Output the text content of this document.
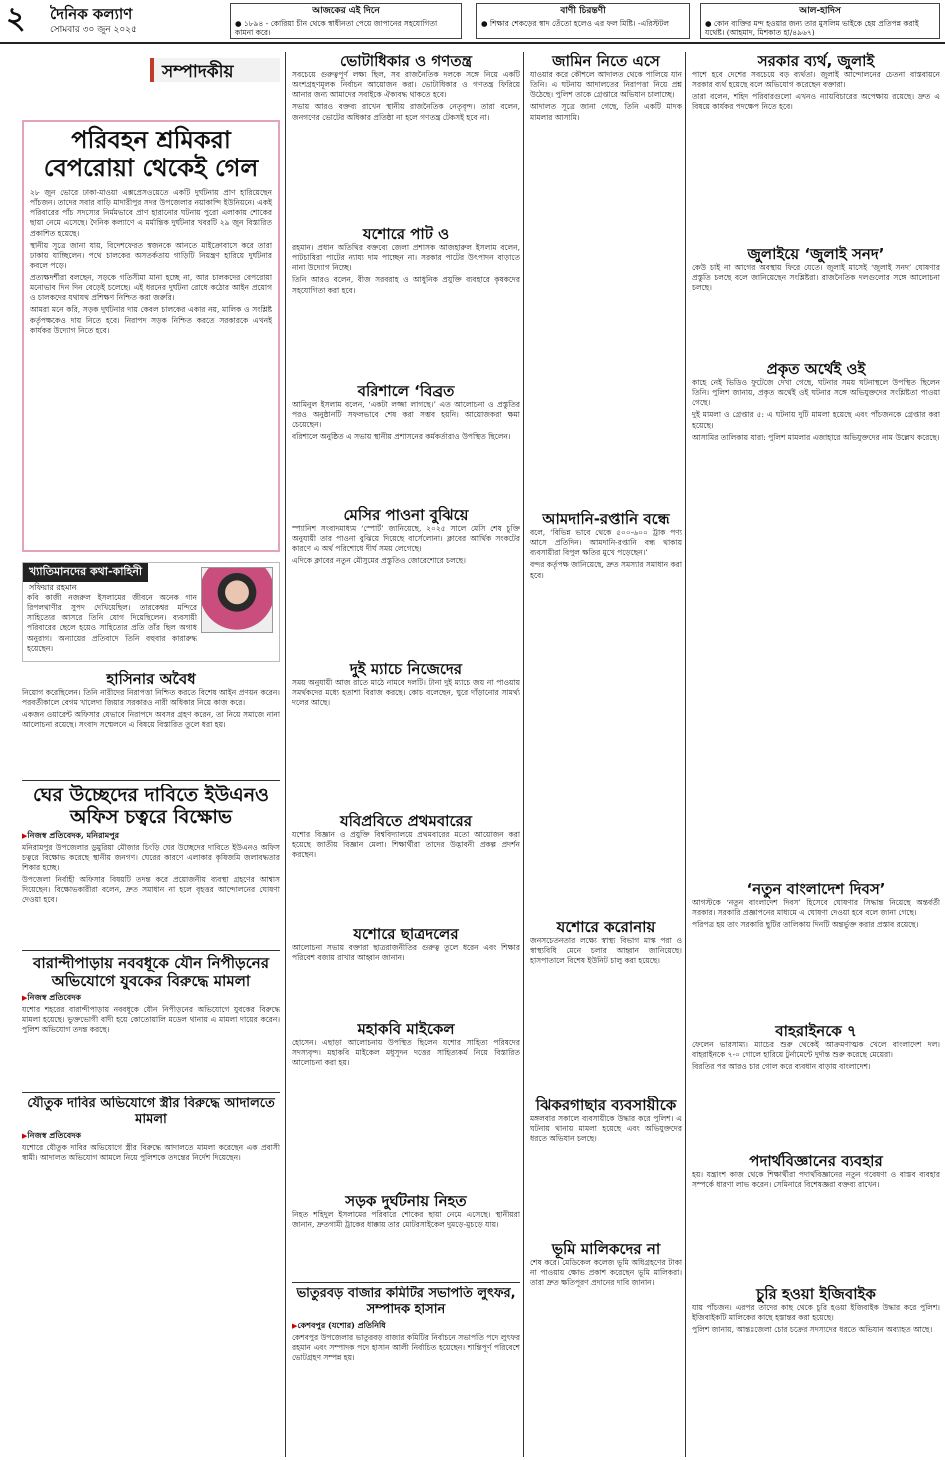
২	দৈনিক কল্যাণ
সোমবার ৩০ জুন ২০২৫
আজকের এই দিনে
● ১৮৯৪ - কোরিয়া চীন থেকে স্বাধীনতা পেয়ে জাপানের সহযোগিতা কামনা করে।
বাণী চিরন্তণী
● শিক্ষার শেকড়ের স্বাদ তেঁতো হলেও এর ফল মিষ্টি। -এরিস্টটল
আল-হাদিস
● কোন ব্যক্তির মন্দ হওয়ার জন্য তার মুসলিম ভাইকে হেয় প্রতিপন্ন করাই যথেষ্ট। (আহমাদ, মিশকাত হা/৪৯৬৭)
সম্পাদকীয়
পরিবহন শ্রমিকরা বেপরোয়া থেকেই গেল

২৮ জুন ভোরে ঢাকা-মাওয়া এক্সপ্রেসওয়েতে একটি দুর্ঘটনায় প্রাণ হারিয়েছেন পাঁচজন। তাদের সবার বাড়ি মাদারীপুর সদর উপজেলার নয়াকান্দি ইউনিয়নে। একই পরিবারের পাঁচ সদস্যের নির্মমভাবে প্রাণ হারানোর ঘটনায় পুরো এলাকায় শোকের ছায়া নেমে এসেছে। দৈনিক কল্যাণে এ মর্মান্তিক দুর্ঘটনার খবরটি ২৯ জুন বিস্তারিত প্রকাশিত হয়েছে।

স্থানীয় সূত্রে জানা যায়, বিদেশফেরত স্বজনকে আনতে মাইক্রোবাসে করে তারা ঢাকায় যাচ্ছিলেন। পথে চালকের অসতর্কতায় গাড়িটি নিয়ন্ত্রণ হারিয়ে দুর্ঘটনার কবলে পড়ে।

প্রত্যক্ষদর্শীরা বলছেন, সড়কে গতিসীমা মানা হচ্ছে না, আর চালকদের বেপরোয়া মনোভাব দিন দিন বেড়েই চলেছে। এই ধরনের দুর্ঘটনা রোধে কঠোর আইন প্রয়োগ ও চালকদের যথাযথ প্রশিক্ষণ নিশ্চিত করা জরুরি।

আমরা মনে করি, সড়ক দুর্ঘটনার দায় কেবল চালকের একার নয়, মালিক ও সংশ্লিষ্ট কর্তৃপক্ষকেও দায় নিতে হবে। নিরাপদ সড়ক নিশ্চিত করতে সরকারকে এখনই কার্যকর উদ্যোগ নিতে হবে।

খ্যাতিমানদের কথা-কাহিনী
সফিয়ার রহমান

কবি কাজী নজরুল ইসলামের জীবনে অনেক গান রিপলথাণীর সুপদ দেখিয়েছিল। তারকেশ্বর মন্দিরে সাহিত্যের আসরে তিনি যোগ দিয়েছিলেন। ব্যবসায়ী পরিবারের ছেলে হয়েও সাহিত্যের প্রতি তাঁর ছিল অগাধ অনুরাগ। অন্যায়ের প্রতিবাদে তিনি বহুবার কারারুদ্ধ হয়েছেন।

হাসিনার অবৈধ

নিয়োগ করেছিলেন। তিনি নারীদের নিরাপত্তা নিশ্চিত করতে বিশেষ আইন প্রণয়ন করেন। পরবর্তীকালে বেগম খালেদা জিয়ার সরকারও নারী অধিকার নিয়ে কাজ করে।

একজন ওয়ারেন্ট অফিসার যেভাবে নিরাপদে অবসর গ্রহণ করেন, তা নিয়ে সমাজে নানা আলোচনা রয়েছে। সংবাদ সম্মেলনে এ বিষয়ে বিস্তারিত তুলে ধরা হয়।

ঘের উচ্ছেদের দাবিতে ইউএনও অফিস চত্বরে বিক্ষোভ
▶ নিজস্ব প্রতিবেদক, মনিরামপুর

মনিরামপুর উপজেলার ডুমুরিয়া মৌজার চিংড়ি ঘের উচ্ছেদের দাবিতে ইউএনও অফিস চত্বরে বিক্ষোভ করেছে স্থানীয় জনগণ। ঘেরের কারণে এলাকার কৃষিজমি জলাবদ্ধতার শিকার হচ্ছে।

উপজেলা নির্বাহী অফিসার বিষয়টি তদন্ত করে প্রয়োজনীয় ব্যবস্থা গ্রহণের আশ্বাস দিয়েছেন। বিক্ষোভকারীরা বলেন, দ্রুত সমাধান না হলে বৃহত্তর আন্দোলনের ঘোষণা দেওয়া হবে।

বারান্দীপাড়ায় নববধূকে যৌন নিপীড়নের অভিযোগে যুবকের বিরুদ্ধে মামলা
▶ নিজস্ব প্রতিবেদক

যশোর শহরের বারান্দীপাড়ায় নববধূকে যৌন নিপীড়নের অভিযোগে যুবকের বিরুদ্ধে মামলা হয়েছে। ভুক্তভোগী বাদী হয়ে কোতোয়ালি মডেল থানায় এ মামলা দায়ের করেন। পুলিশ অভিযোগ তদন্ত করছে।

যৌতুক দাবির অভিযোগে স্ত্রীর বিরুদ্ধে আদালতে মামলা
▶ নিজস্ব প্রতিবেদক

যশোরে যৌতুক দাবির অভিযোগে স্ত্রীর বিরুদ্ধে আদালতে মামলা করেছেন এক প্রবাসী স্বামী। আদালত অভিযোগ আমলে নিয়ে পুলিশকে তদন্তের নির্দেশ দিয়েছেন।

ভোটাধিকার ও গণতন্ত্র

সবচেয়ে গুরুত্বপূর্ণ লক্ষ্য ছিল, সব রাজনৈতিক দলকে সঙ্গে নিয়ে একটি অংশগ্রহণমূলক নির্বাচন আয়োজন করা। ভোটাধিকার ও গণতন্ত্র ফিরিয়ে আনার জন্য আমাদের সবাইকে ঐক্যবদ্ধ থাকতে হবে।

সভায় আরও বক্তব্য রাখেন স্থানীয় রাজনৈতিক নেতৃবৃন্দ। তারা বলেন, জনগণের ভোটের অধিকার প্রতিষ্ঠা না হলে গণতন্ত্র টেকসই হবে না।

যশোরে পাট ও

রহমান। প্রধান অতিথির বক্তব্যে জেলা প্রশাসক আজহারুল ইসলাম বলেন, পাটচাষিরা পাটের ন্যায্য দাম পাচ্ছেন না। সরকার পাটের উৎপাদন বাড়াতে নানা উদ্যোগ নিচ্ছে।

তিনি আরও বলেন, বীজ সরবরাহ ও আধুনিক প্রযুক্তি ব্যবহারে কৃষকদের সহযোগিতা করা হবে।

বরিশালে ‘বিব্রত

আমিনুল ইসলাম বলেন, ‘একটা লজ্জা লাগছে।’ এত আলোচনা ও প্রস্তুতির পরও অনুষ্ঠানটি সফলভাবে শেষ করা সম্ভব হয়নি। আয়োজকরা ক্ষমা চেয়েছেন।

বরিশালে অনুষ্ঠিত এ সভায় স্থানীয় প্রশাসনের কর্মকর্তারাও উপস্থিত ছিলেন।

মেসির পাওনা বুঝিয়ে

স্প্যানিশ সংবাদমাধ্যম ‘স্পোর্ট’ জানিয়েছে, ২০২৫ সালে মেসি শেষ চুক্তি অনুযায়ী তার পাওনা বুঝিয়ে দিয়েছে বার্সেলোনা। ক্লাবের আর্থিক সংকটের কারণে এ অর্থ পরিশোধে দীর্ঘ সময় লেগেছে।

এদিকে ক্লাবের নতুন মৌসুমের প্রস্তুতিও জোরেশোরে চলছে।

দুই ম্যাচে নিজেদের

সময় অনুযায়ী আজ রাতে মাঠে নামবে দলটি। টানা দুই ম্যাচে জয় না পাওয়ায় সমর্থকদের মধ্যে হতাশা বিরাজ করছে। কোচ বলেছেন, ঘুরে দাঁড়ানোর সামর্থ্য দলের আছে।

যবিপ্রবিতে প্রথমবারের

যশোর বিজ্ঞান ও প্রযুক্তি বিশ্ববিদ্যালয়ে প্রথমবারের মতো আয়োজন করা হয়েছে জাতীয় বিজ্ঞান মেলা। শিক্ষার্থীরা তাদের উদ্ভাবনী প্রকল্প প্রদর্শন করছেন।

যশোরে ছাত্রদলের

আলোচনা সভায় বক্তারা ছাত্ররাজনীতির গুরুত্ব তুলে ধরেন এবং শিক্ষার পরিবেশ বজায় রাখার আহ্বান জানান।

মহাকবি মাইকেল

হোসেন। এছাড়া আলোচনায় উপস্থিত ছিলেন যশোর সাহিত্য পরিষদের সদস্যবৃন্দ। মহাকবি মাইকেল মধুসূদন দত্তের সাহিত্যকর্ম নিয়ে বিস্তারিত আলোচনা করা হয়।

সড়ক দুর্ঘটনায় নিহত

নিহত শহিদুল ইসলামের পরিবারে শোকের ছায়া নেমে এসেছে। স্থানীয়রা জানান, দ্রুতগামী ট্রাকের ধাক্কায় তার মোটরসাইকেল দুমড়ে-মুচড়ে যায়।

ভাতুরবড় বাজার কমিটির সভাপতি লুৎফর, সম্পাদক হাসান
▶ কেশবপুর (যশোর) প্রতিনিধি

কেশবপুর উপজেলার ভাতুরবড় বাজার কমিটির নির্বাচনে সভাপতি পদে লুৎফর রহমান এবং সম্পাদক পদে হাসান আলী নির্বাচিত হয়েছেন। শান্তিপূর্ণ পরিবেশে ভোটগ্রহণ সম্পন্ন হয়।

জামিন নিতে এসে

যাওয়ার করে কৌশলে আদালত থেকে পালিয়ে যান তিনি। এ ঘটনায় আদালতের নিরাপত্তা নিয়ে প্রশ্ন উঠেছে। পুলিশ তাকে গ্রেপ্তারে অভিযান চালাচ্ছে।

আদালত সূত্রে জানা গেছে, তিনি একটি মাদক মামলার আসামি।

আমদানি-রপ্তানি বন্ধে

বলে, ‘বিভিন্ন ভাবে থেকে ৫০০-৬০০ ট্রাক পণ্য আসে প্রতিদিন। আমদানি-রপ্তানি বন্ধ থাকায় ব্যবসায়ীরা বিপুল ক্ষতির মুখে পড়েছেন।’

বন্দর কর্তৃপক্ষ জানিয়েছে, দ্রুত সমস্যার সমাধান করা হবে।

যশোরে করোনায়

জনসচেতনতার লক্ষ্যে স্বাস্থ্য বিভাগ মাস্ক পরা ও স্বাস্থ্যবিধি মেনে চলার আহ্বান জানিয়েছে। হাসপাতালে বিশেষ ইউনিট চালু করা হয়েছে।

ঝিকরগাছার ব্যবসায়ীকে

মঙ্গলবার সকালে ব্যবসায়ীকে উদ্ধার করে পুলিশ। এ ঘটনায় থানায় মামলা হয়েছে এবং অভিযুক্তদের ধরতে অভিযান চলছে।

ভূমি মালিকদের না

শেষ করে। মেডিকেল কলেজ ভূমি অধিগ্রহণের টাকা না পাওয়ায় ক্ষোভ প্রকাশ করেছেন ভূমি মালিকরা। তারা দ্রুত ক্ষতিপূরণ প্রদানের দাবি জানান।

সরকার ব্যর্থ, জুলাই

পাশে হবে দেশের সবচেয়ে বড় ব্যর্থতা। জুলাই আন্দোলনের চেতনা বাস্তবায়নে সরকার ব্যর্থ হয়েছে বলে অভিযোগ করেছেন বক্তারা।

তারা বলেন, শহিদ পরিবারগুলো এখনও ন্যায়বিচারের অপেক্ষায় রয়েছে। দ্রুত এ বিষয়ে কার্যকর পদক্ষেপ নিতে হবে।

জুলাইয়ে ‘জুলাই সনদ’

কেউ চাই না আগের অবস্থায় ফিরে যেতে। জুলাই মাসেই ‘জুলাই সনদ’ ঘোষণার প্রস্তুতি চলছে বলে জানিয়েছেন সংশ্লিষ্টরা। রাজনৈতিক দলগুলোর সঙ্গে আলোচনা চলছে।

প্রকৃত অর্থেই ওই

কাহে নেই ভিডিও ফুটেজে দেখা গেছে, ঘটনার সময় ঘটনাস্থলে উপস্থিত ছিলেন তিনি। পুলিশ জানায়, প্রকৃত অর্থেই ওই ঘটনার সঙ্গে অভিযুক্তদের সংশ্লিষ্টতা পাওয়া গেছে।

দুই মামলা ও গ্রেপ্তার ৫: এ ঘটনায় দুটি মামলা হয়েছে এবং পাঁচজনকে গ্রেপ্তার করা হয়েছে।

আসামির তালিকায় যারা: পুলিশ মামলার এজাহারে অভিযুক্তদের নাম উল্লেখ করেছে।

‘নতুন বাংলাদেশ দিবস’

আগস্টকে ‘নতুন বাংলাদেশ দিবস’ হিসেবে ঘোষণার সিদ্ধান্ত নিয়েছে অন্তর্বর্তী সরকার। সরকারি প্রজ্ঞাপনের মাধ্যমে এ ঘোষণা দেওয়া হবে বলে জানা গেছে।

পরিপত্র হয় তাং সরকারি ছুটির তালিকায় দিনটি অন্তর্ভুক্ত করার প্রস্তাব রয়েছে।

বাহরাইনকে ৭

ফেলেন ভারসাম্য। ম্যাচের শুরু থেকেই আক্রমণাত্মক খেলে বাংলাদেশ দল। বাহরাইনকে ৭-০ গোলে হারিয়ে টুর্নামেন্টে দুর্দান্ত শুরু করেছে মেয়েরা।

বিরতির পর আরও চার গোল করে ব্যবধান বাড়ায় বাংলাদেশ।

পদার্থবিজ্ঞানের ব্যবহার

হয়। যন্ত্রাংশ কাজ থেকে শিক্ষার্থীরা পদার্থবিজ্ঞানের নতুন গবেষণা ও বাস্তব ব্যবহার সম্পর্কে ধারণা লাভ করেন। সেমিনারে বিশেষজ্ঞরা বক্তব্য রাখেন।

চুরি হওয়া ইজিবাইক

যায় পাঁচজন। এরপর তাদের কাছ থেকে চুরি হওয়া ইজিবাইক উদ্ধার করে পুলিশ। ইজিবাইকটি মালিকের কাছে হস্তান্তর করা হয়েছে।

পুলিশ জানায়, আন্তঃজেলা চোর চক্রের সদস্যদের ধরতে অভিযান অব্যাহত আছে।
